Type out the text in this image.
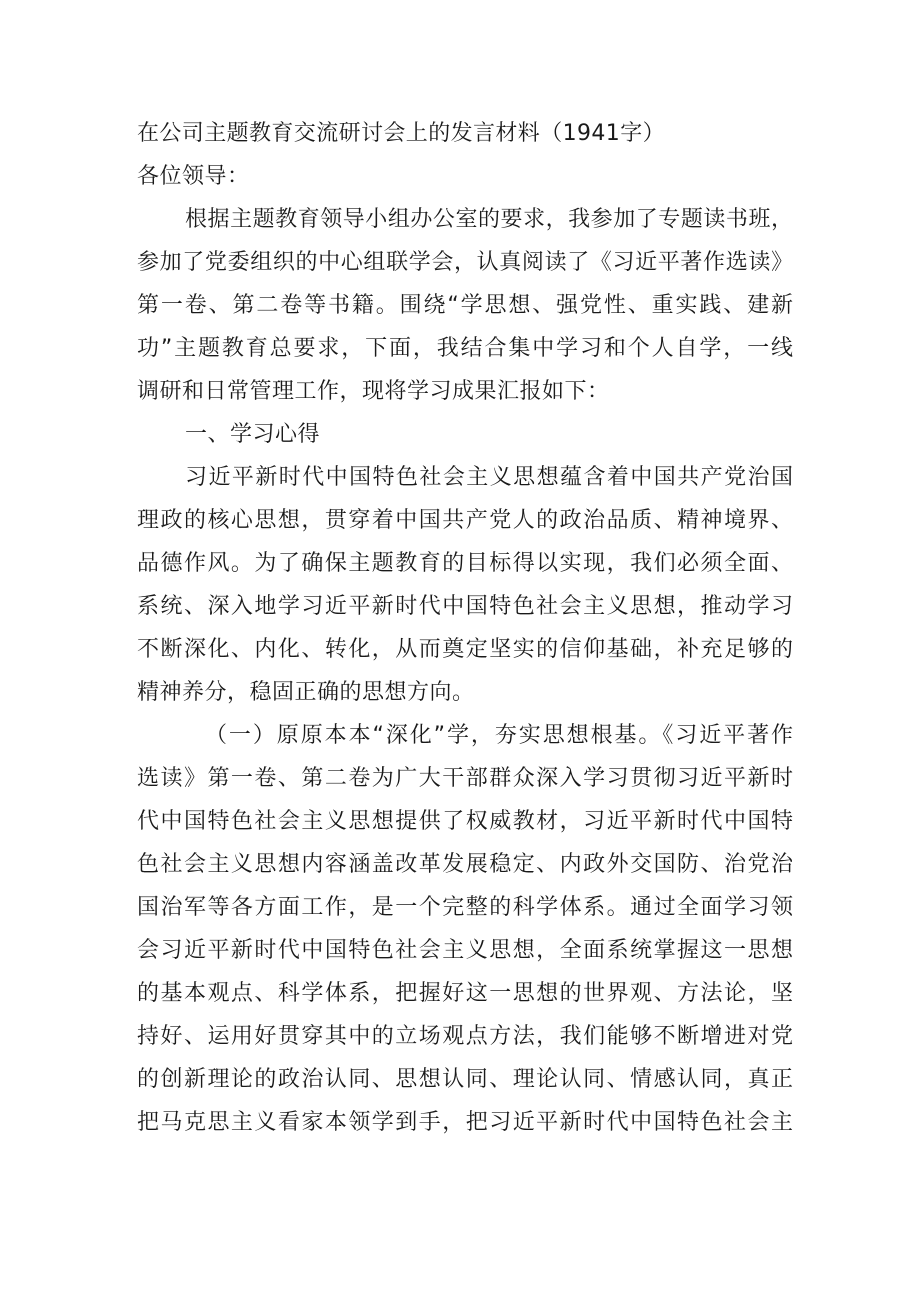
在公司主题教育交流研讨会上的发言材料（1941字）
各位领导：
根据主题教育领导小组办公室的要求，我参加了专题读书班，
参加了党委组织的中心组联学会，认真阅读了《习近平著作选读》
第一卷、第二卷等书籍。围绕“学思想、强党性、重实践、建新
功”主题教育总要求，下面，我结合集中学习和个人自学，一线
调研和日常管理工作，现将学习成果汇报如下：
一、学习心得
习近平新时代中国特色社会主义思想蕴含着中国共产党治国
理政的核心思想，贯穿着中国共产党人的政治品质、精神境界、
品德作风。为了确保主题教育的目标得以实现，我们必须全面、
系统、深入地学习近平新时代中国特色社会主义思想，推动学习
不断深化、内化、转化，从而奠定坚实的信仰基础，补充足够的
精神养分，稳固正确的思想方向。
（一）原原本本“深化”学，夯实思想根基。《习近平著作
选读》第一卷、第二卷为广大干部群众深入学习贯彻习近平新时
代中国特色社会主义思想提供了权威教材，习近平新时代中国特
色社会主义思想内容涵盖改革发展稳定、内政外交国防、治党治
国治军等各方面工作，是一个完整的科学体系。通过全面学习领
会习近平新时代中国特色社会主义思想，全面系统掌握这一思想
的基本观点、科学体系，把握好这一思想的世界观、方法论，坚
持好、运用好贯穿其中的立场观点方法，我们能够不断增进对党
的创新理论的政治认同、思想认同、理论认同、情感认同，真正
把马克思主义看家本领学到手，把习近平新时代中国特色社会主
